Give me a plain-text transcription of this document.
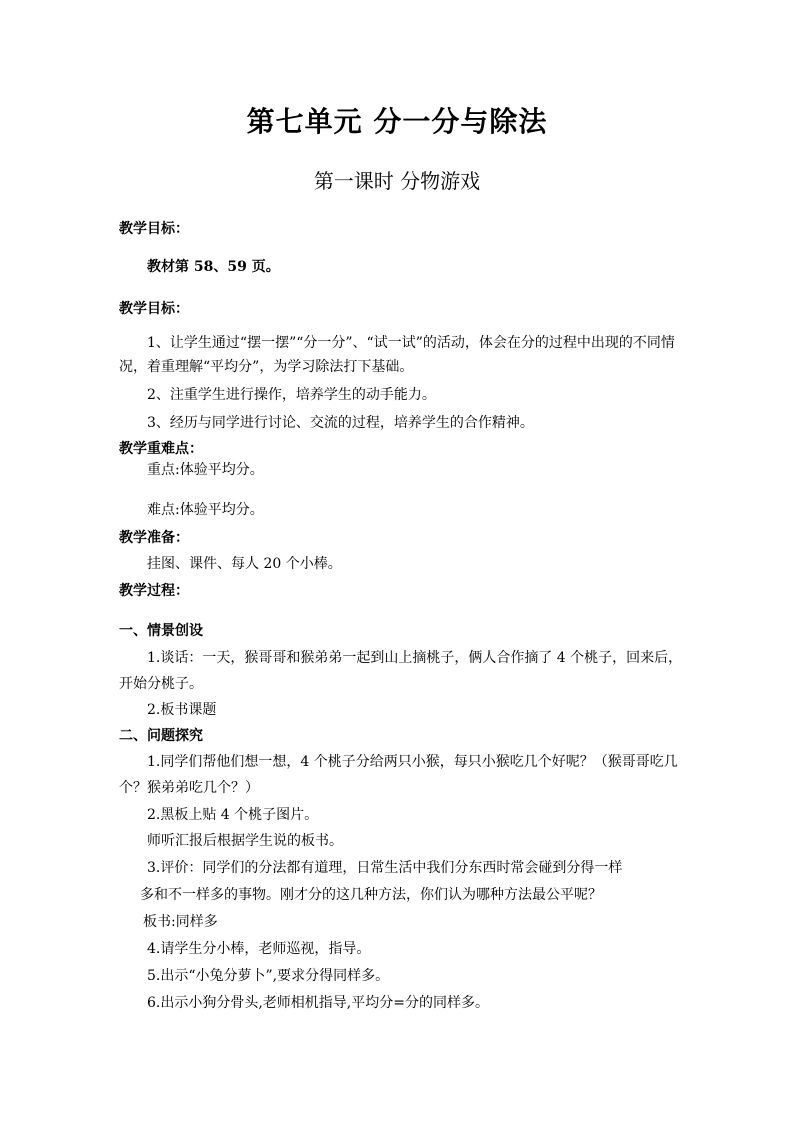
第七单元 分一分与除法
第一课时 分物游戏
教学目标：
教材第 58、59 页。
教学目标：
1、让学生通过“摆一摆”“分一分”、“试一试”的活动，体会在分的过程中出现的不同情
况，着重理解“平均分”，为学习除法打下基础。
2、注重学生进行操作，培养学生的动手能力。
3、经历与同学进行讨论、交流的过程，培养学生的合作精神。
教学重难点：
重点:体验平均分。
难点:体验平均分。
教学准备：
挂图、课件、每人 20 个小棒。
教学过程：
一、情景创设
1.谈话：一天，猴哥哥和猴弟弟一起到山上摘桃子，俩人合作摘了 4 个桃子，回来后，
开始分桃子。
2.板书课题
二、问题探究
1.同学们帮他们想一想，4 个桃子分给两只小猴，每只小猴吃几个好呢？（猴哥哥吃几
个？猴弟弟吃几个？）
2.黑板上贴 4 个桃子图片。
师听汇报后根据学生说的板书。
3.评价：同学们的分法都有道理，日常生活中我们分东西时常会碰到分得一样
多和不一样多的事物。刚才分的这几种方法，你们认为哪种方法最公平呢？
板书:同样多
4.请学生分小棒，老师巡视，指导。
5.出示“小兔分萝卜”,要求分得同样多。
6.出示小狗分骨头,老师相机指导,平均分=分的同样多。
